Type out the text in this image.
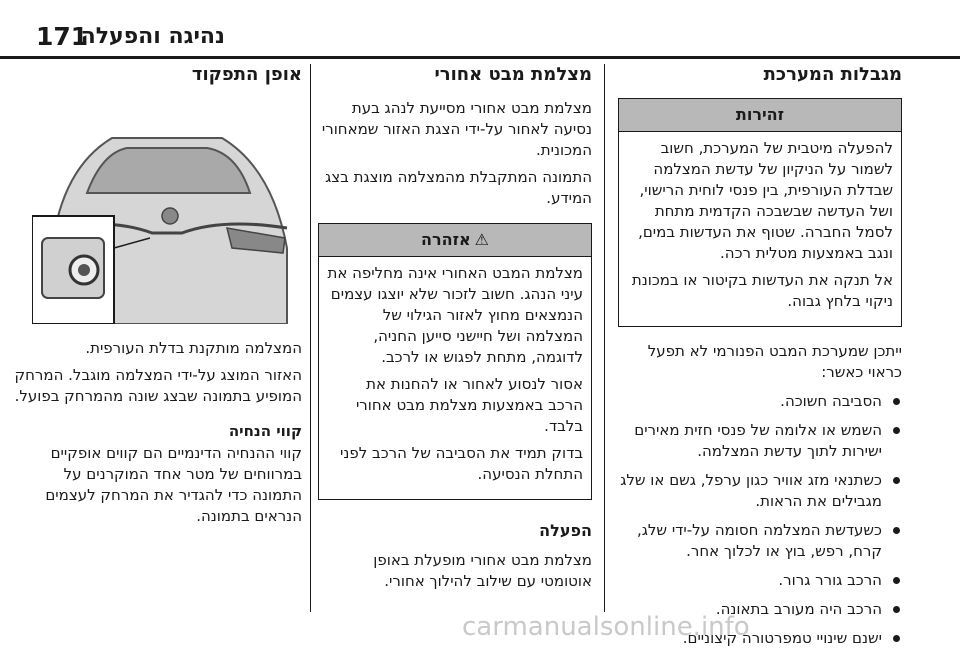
171
נהיגה והפעלה
אופן התפקוד

המצלמה מותקנת בדלת העורפית.

האזור המוצג על-ידי המצלמה מוגבל. המרחק המופיע בתמונה שבצג שונה מהמרחק בפועל.

קווי הנחיה

קווי ההנחיה הדינמיים הם קווים אופקיים במרווחים של מטר אחד המוקרנים על התמונה כדי להגדיר את המרחק לעצמים הנראים בתמונה.

מצלמת מבט אחורי

מצלמת מבט אחורי מסייעת לנהג בעת נסיעה לאחור על-ידי הצגת האזור שמאחורי המכונית.

התמונה המתקבלת מהמצלמה מוצגת בצג המידע.

⚠אזהרה

מצלמת המבט האחורי אינה מחליפה את עיני הנהג. חשוב לזכור שלא יוצגו עצמים הנמצאים מחוץ לאזור הגילוי של המצלמה ושל חיישני סייען החניה, לדוגמה, מתחת לפגוש או לרכב.

אסור לנסוע לאחור או להחנות את הרכב באמצעות מצלמת מבט אחורי בלבד.

בדוק תמיד את הסביבה של הרכב לפני התחלת הנסיעה.

הפעלה

מצלמת מבט אחורי מופעלת באופן אוטומטי עם שילוב להילוך אחורי.

מגבלות המערכת
זהירות

להפעלה מיטבית של המערכת, חשוב לשמור על הניקיון של עדשת המצלמה שבדלת העורפית, בין פנסי לוחית הרישוי, ושל העדשה שבשבכה הקדמית מתחת לסמל החברה. שטוף את העדשות במים, ונגב באמצעות מטלית רכה.

אל תנקה את העדשות בקיטור או במכונת ניקוי בלחץ גבוה.

ייתכן שמערכת המבט הפנורמי לא תפעל כראוי כאשר:

הסביבה חשוכה.
השמש או אלומה של פנסי חזית מאירים ישירות לתוך עדשת המצלמה.
כשתנאי מזג אוויר כגון ערפל, גשם או שלג מגבילים את הראות.
כשעדשת המצלמה חסומה על-ידי שלג, קרח, רפש, בוץ או לכלוך אחר.
הרכב גורר גרור.
הרכב היה מעורב בתאונה.
ישנם שינויי טמפרטורה קיצוניים.
carmanualsonline.info
